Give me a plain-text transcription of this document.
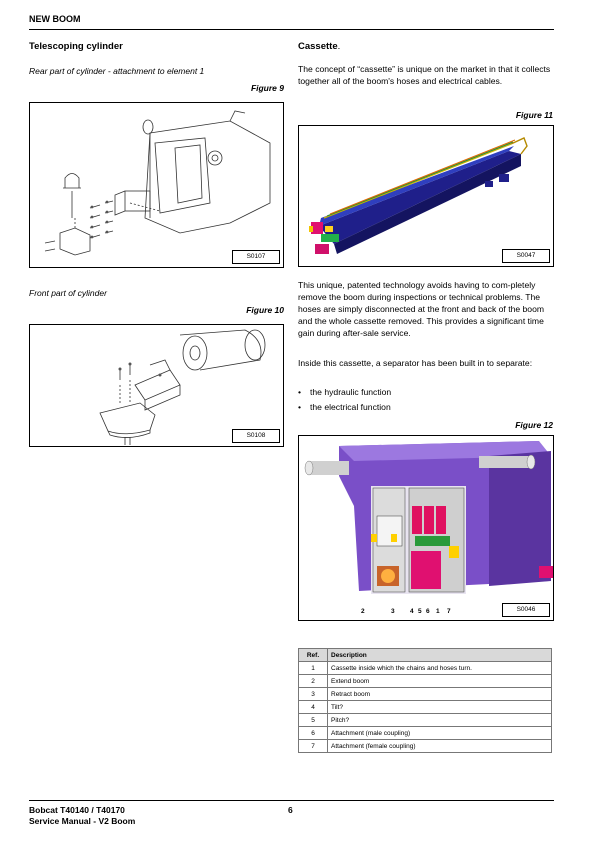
NEW BOOM
Telescoping cylinder
Rear part of cylinder - attachment to element 1
Figure 9
S0107
Front part of cylinder
Figure 10
S0108
Cassette.
The concept of “cassette” is unique on the market in that it collects together all of the boom's hoses and electrical cables.
Figure 11
S0047
This unique, patented technology avoids having to com-pletely remove the boom during inspections or technical problems. The hoses are simply disconnected at the front and back of the boom and the whole cassette removed. This provides a significant time gain during after-sale service.
Inside this cassette, a separator has been built in to separate:
• the hydraulic function
• the electrical function
Figure 12
2	3 4 5 6 1 7	S0046
Ref.	Description
1	Cassette inside which the chains and hoses turn.
2	Extend boom
3	Retract boom
4	Tilt?
5	Pitch?
6	Attachment (male coupling)
7	Attachment (female coupling)
Bobcat T40140 / T40170
Service Manual - V2 Boom
6
